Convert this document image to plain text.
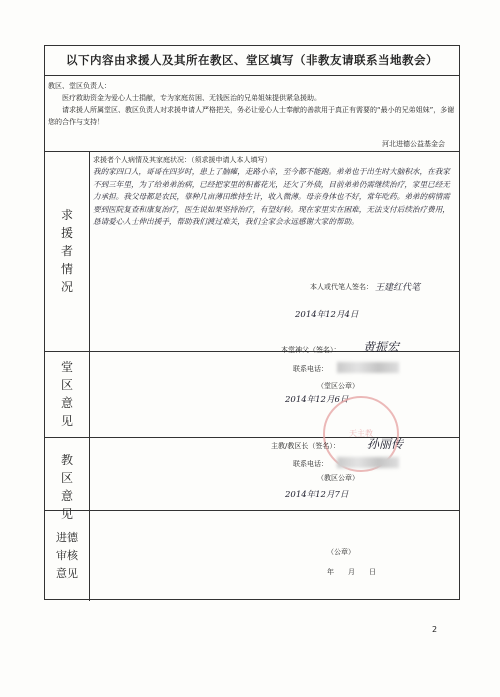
以下内容由求援人及其所在教区、堂区填写（非教友请联系当地教会）
教区、堂区负责人：
医疗救助资金为爱心人士捐献，专为家庭贫困、无钱医治的兄弟姐妹提供紧急援助。
请求援人所属堂区、教区负责人对求援申请人严格把关，务必让爱心人士奉献的善款用于真正有需要的“最小的兄弟姐妹”，多谢您的合作与支持！
河北进德公益基金会
求
援
者
情
况
求援者个人病情及其家庭状况：（须求援申请人本人填写）
我的家四口人，哥哥在四岁时，患上了脑瘫，走路小幸，至今都不能跑。弟弟也于出生时大脑积水，在我家不到三年里，为了给弟弟治病，已经把家里的积蓄花光，还欠了外债，目前弟弟仍需继续治疗，家里已经无力承担。我父母都是农民，靠种几亩薄田维持生计，收入微薄。母亲身体也不好，常年吃药。弟弟的病情需要到医院复查和康复治疗，医生说如果坚持治疗，有望好转。现在家里实在困难，无法支付后续治疗费用，恳请爱心人士伸出援手，帮助我们渡过难关，我们全家会永远感谢大家的帮助。
本人或代笔人签名： 王建红代笔
2014年12月4日
堂
区
意
见
本堂神父（签名）： 黄振宏
联系电话：
（堂区公章）
2014年12月6日
教
区
意
见
天主教
主教/教区长（签名）： 孙丽传
联系电话：
（教区公章）
2014年12月7日
进德
审核
意见
（公章）
年　　月　　日
2
